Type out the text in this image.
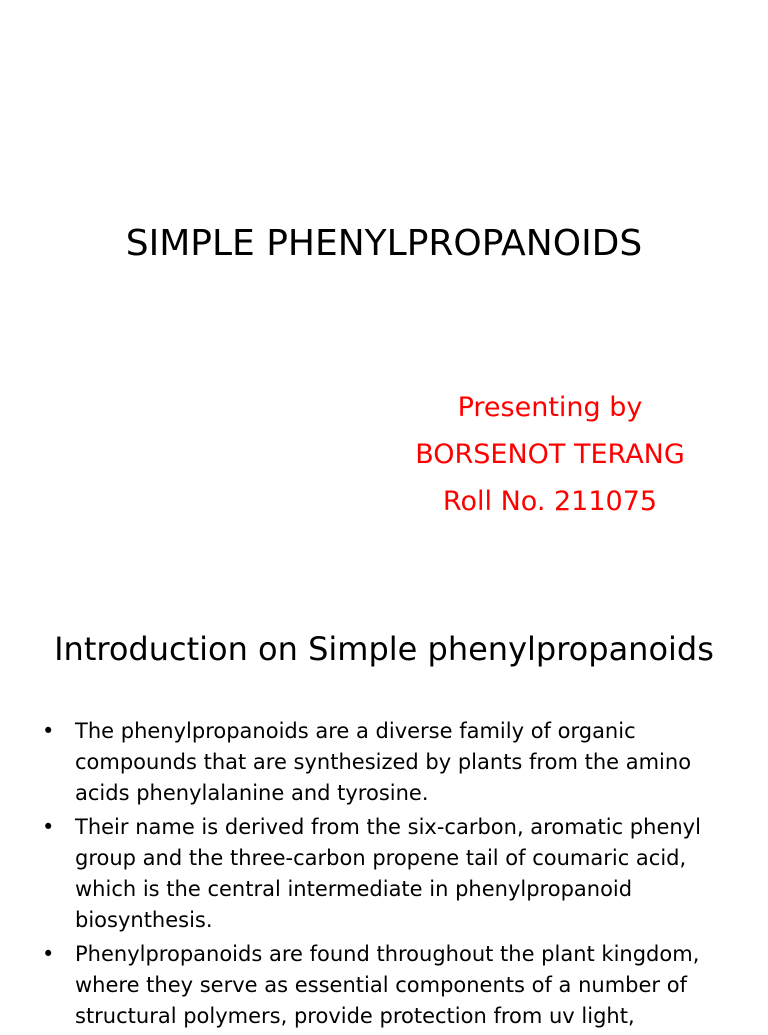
SIMPLE PHENYLPROPANOIDS
Presenting by
BORSENOT TERANG
Roll No. 211075
Introduction on Simple phenylpropanoids
• The phenylpropanoids are a diverse family of organic compounds that are synthesized by plants from the amino acids phenylalanine and tyrosine.
• Their name is derived from the six-carbon, aromatic phenyl group and the three-carbon propene tail of coumaric acid, which is the central intermediate in phenylpropanoid biosynthesis.
• Phenylpropanoids are found throughout the plant kingdom, where they serve as essential components of a number of structural polymers, provide protection from uv light,
